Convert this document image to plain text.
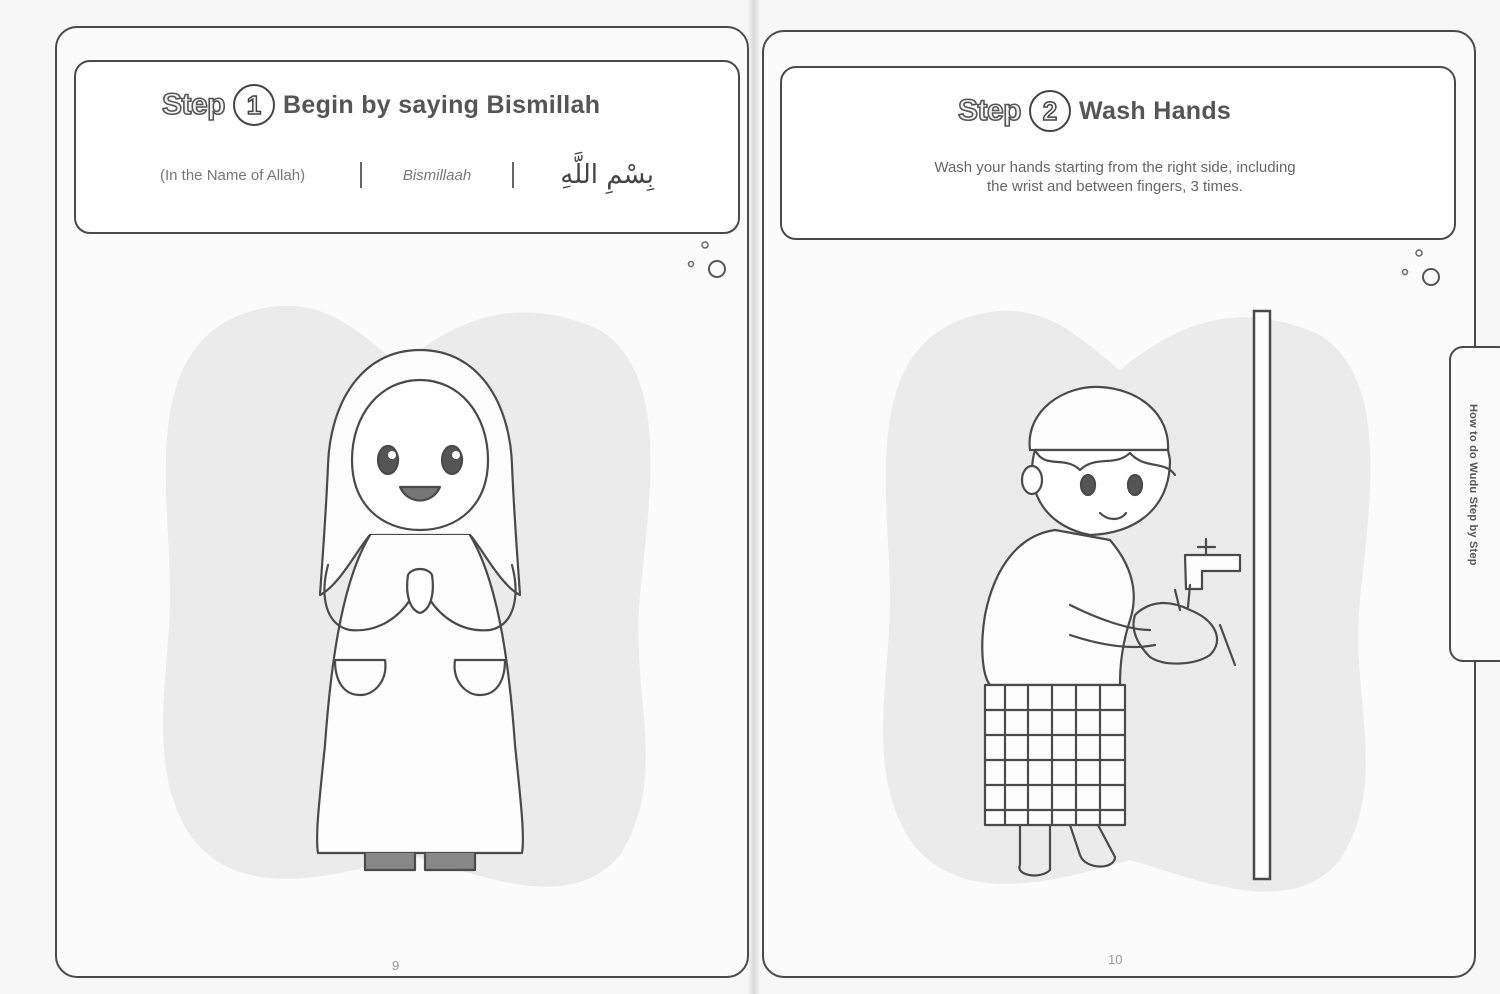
Step 1 Begin by saying Bismillah
(In the Name of Allah)	Bismillaah	بِسْمِ اللَّهِ
9
Step 2 Wash Hands
Wash your hands starting from the right side, including
the wrist and between fingers, 3 times.
10
How to do Wudu Step by Step
